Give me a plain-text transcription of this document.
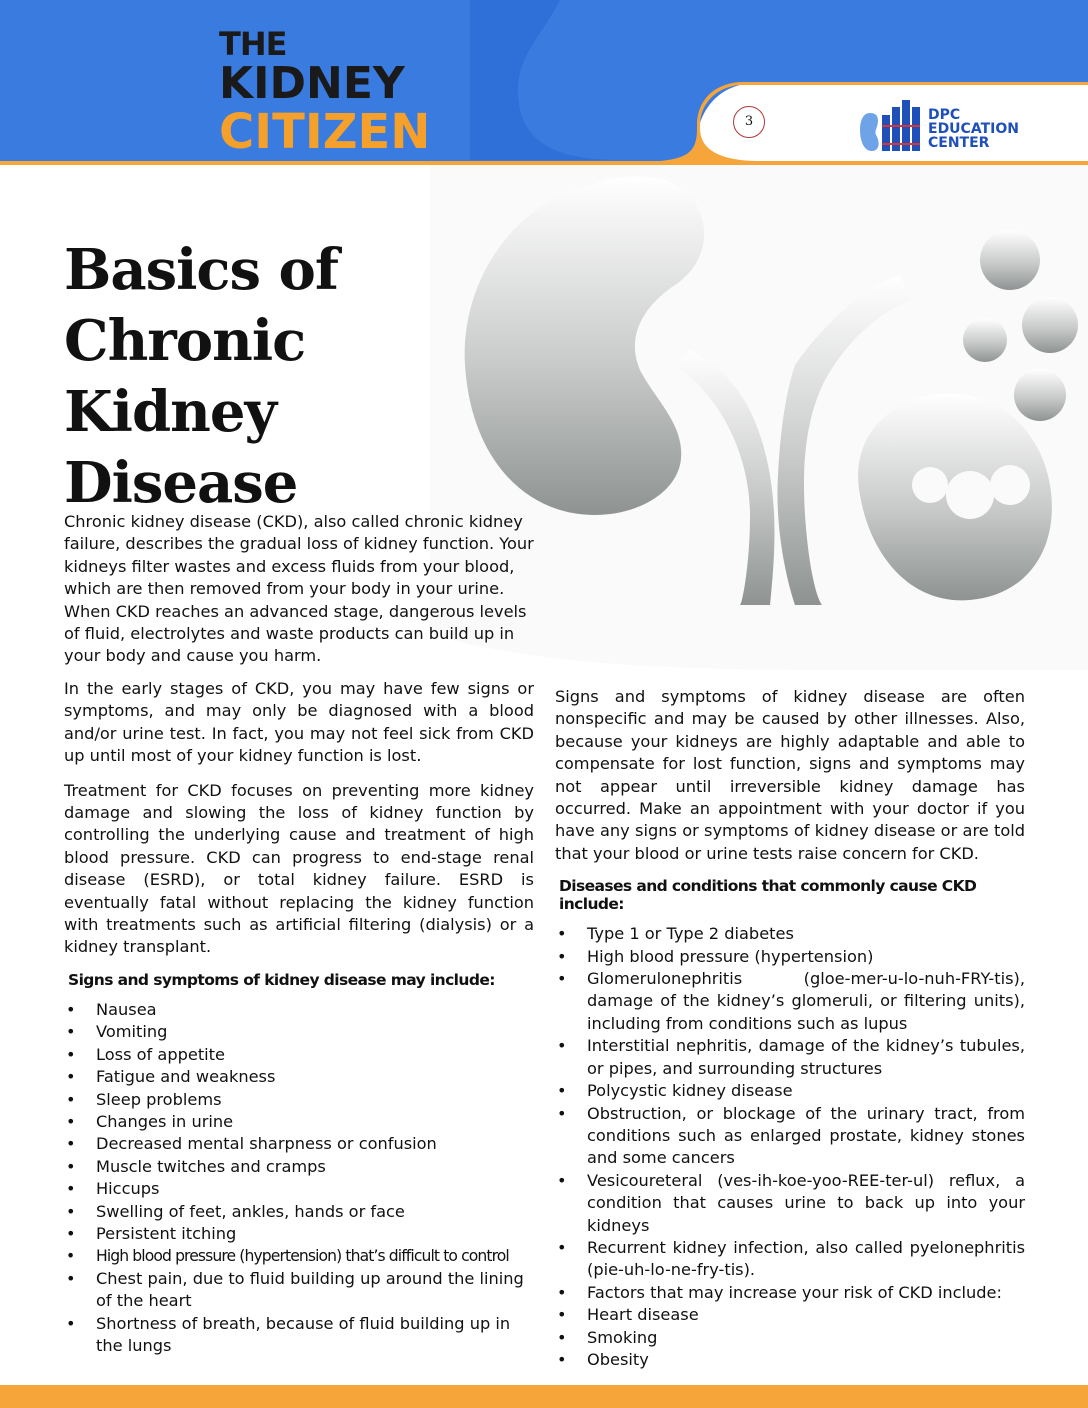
THE
KIDNEY
CITIZEN	3	DPC
EDUCATION
CENTER
Basics of
Chronic
Kidney
Disease

Chronic kidney disease (CKD), also called chronic kidney failure, describes the gradual loss of kidney function. Your kidneys filter wastes and excess fluids from your blood, which are then removed from your body in your urine. When CKD reaches an advanced stage, dangerous levels of fluid, electrolytes and waste products can build up in your body and cause you harm.

In the early stages of CKD, you may have few signs or symptoms, and may only be diagnosed with a blood and/or urine test. In fact, you may not feel sick from CKD up until most of your kidney function is lost.

Treatment for CKD focuses on preventing more kidney damage and slowing the loss of kidney function by controlling the underlying cause and treatment of high blood pressure. CKD can progress to end-stage renal disease (ESRD), or total kidney failure. ESRD is eventually fatal without replacing the kidney function with treatments such as artificial filtering (dialysis) or a kidney transplant.

Signs and symptoms of kidney disease may include:

• Nausea
• Vomiting
• Loss of appetite
• Fatigue and weakness
• Sleep problems
• Changes in urine
• Decreased mental sharpness or confusion
• Muscle twitches and cramps
• Hiccups
• Swelling of feet, ankles, hands or face
• Persistent itching
• High blood pressure (hypertension) that’s difficult to control
• Chest pain, due to fluid building up around the lining of the heart
• Shortness of breath, because of fluid building up in the lungs

Signs and symptoms of kidney disease are often nonspecific and may be caused by other illnesses. Also, because your kidneys are highly adaptable and able to compensate for lost function, signs and symptoms may not appear until irreversible kidney damage has occurred. Make an appointment with your doctor if you have any signs or symptoms of kidney disease or are told that your blood or urine tests raise concern for CKD.

Diseases and conditions that commonly cause CKD include:

• Type 1 or Type 2 diabetes
• High blood pressure (hypertension)
• Glomerulonephritis (gloe-mer-u-lo-nuh-FRY-tis), damage of the kidney’s glomeruli, or filtering units), including from conditions such as lupus
• Interstitial nephritis, damage of the kidney’s tubules, or pipes, and surrounding structures
• Polycystic kidney disease
• Obstruction, or blockage of the urinary tract, from conditions such as enlarged prostate, kidney stones and some cancers
• Vesicoureteral (ves-ih-koe-yoo-REE-ter-ul) reflux, a condition that causes urine to back up into your kidneys
• Recurrent kidney infection, also called pyelonephritis (pie-uh-lo-ne-fry-tis).
• Factors that may increase your risk of CKD include:
• Heart disease
• Smoking
• Obesity
